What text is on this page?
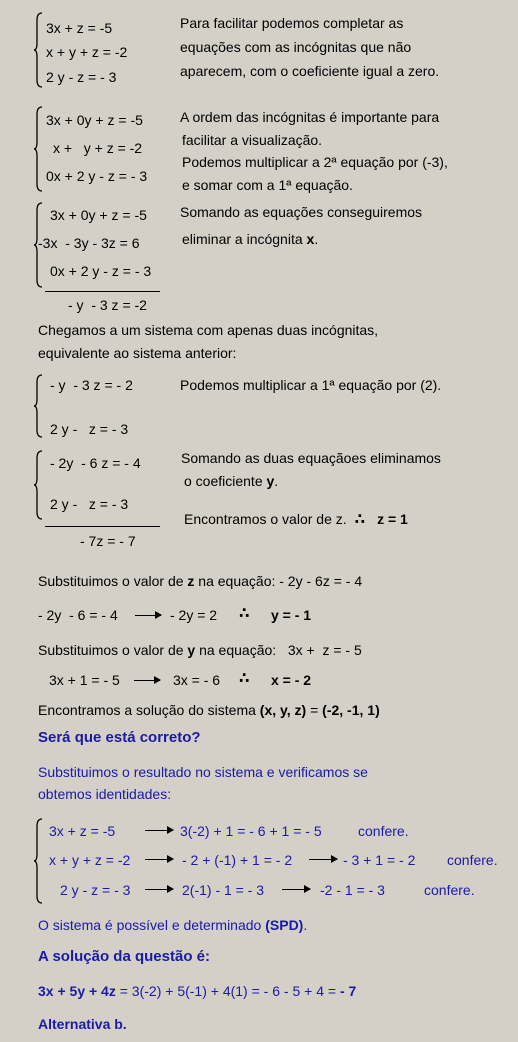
3x + z = -5
x + y + z = -2
2 y - z = - 3
Para facilitar podemos completar as
equações com as incógnitas que não
aparecem, com o coeficiente igual a zero.
3x + 0y + z = -5
x +   y + z = -2
0x + 2 y - z = - 3
A ordem das incógnitas é importante para
facilitar a visualização.
Podemos multiplicar a 2ª equação por (-3),
e somar com a 1ª equação.
3x + 0y + z = -5
-3x  - 3y - 3z = 6
0x + 2 y - z = - 3
- y  - 3 z = -2
Somando as equações conseguiremos
eliminar a incógnita x.
Chegamos a um sistema com apenas duas incógnitas,
equivalente ao sistema anterior:
- y  - 3 z = - 2
2 y -   z = - 3
Podemos multiplicar a 1ª equação por (2).
- 2y  - 6 z = - 4
2 y -   z = - 3
- 7z = - 7
Somando as duas equaçãoes eliminamos
o coeficiente y.
Encontramos o valor de z. ∴ z = 1
Substituimos o valor de z na equação: - 2y - 6z = - 4
- 2y  - 6 = - 4	- 2y = 2 ∴ y = - 1
Substituimos o valor de y na equação:   3x +  z = - 5
3x + 1 = - 5	3x = - 6 ∴ x = - 2
Encontramos a solução do sistema (x, y, z) = (-2, -1, 1)
Será que está correto?
Substituimos o resultado no sistema e verificamos se
obtemos identidades:
3x + z = -5	3(-2) + 1 = - 6 + 1 = - 5	confere.
x + y + z = -2	- 2 + (-1) + 1 = - 2	- 3 + 1 = - 2 confere.
2 y - z = - 3	2(-1) - 1 = - 3	-2 - 1 = - 3	confere.
O sistema é possível e determinado (SPD).
A solução da questão é:
3x + 5y + 4z = 3(-2) + 5(-1) + 4(1) = - 6 - 5 + 4 = - 7
Alternativa b.
